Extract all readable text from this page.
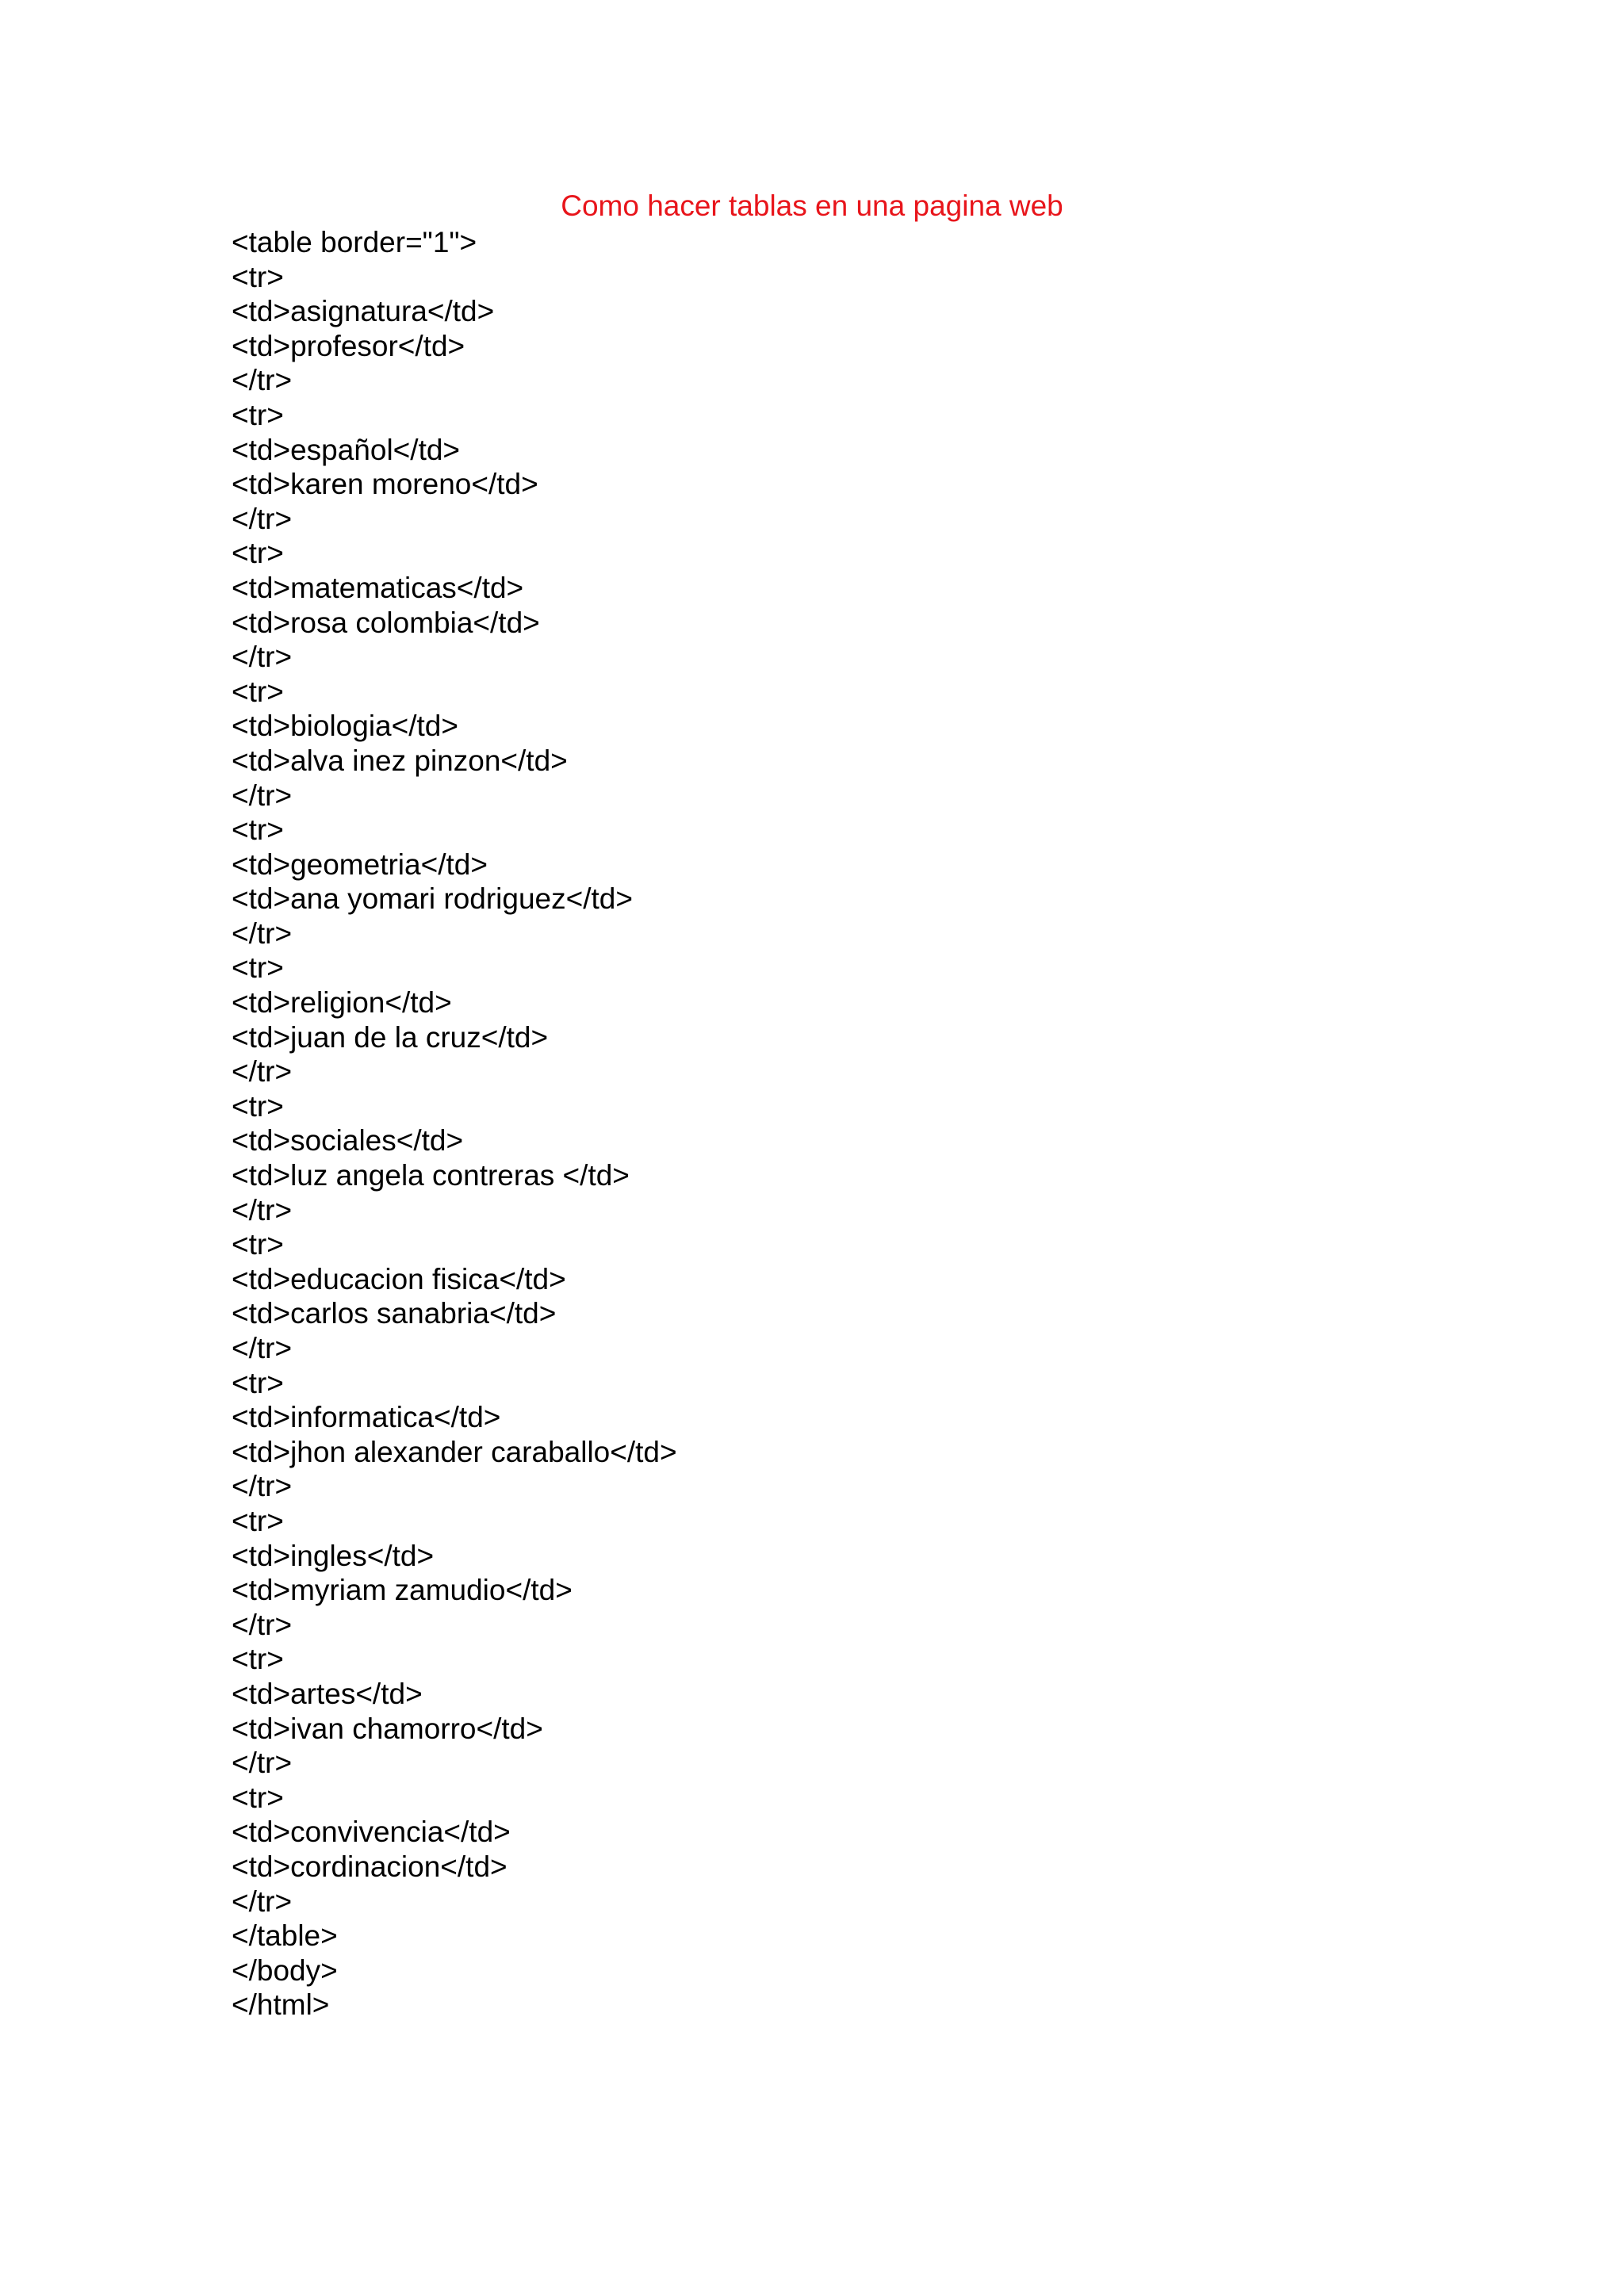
Como hacer tablas en una pagina web
<table border="1">
<tr>
<td>asignatura</td>
<td>profesor</td>
</tr>
<tr>
<td>español</td>
<td>karen moreno</td>
</tr>
<tr>
<td>matematicas</td>
<td>rosa colombia</td>
</tr>
<tr>
<td>biologia</td>
<td>alva inez pinzon</td>
</tr>
<tr>
<td>geometria</td>
<td>ana yomari rodriguez</td>
</tr>
<tr>
<td>religion</td>
<td>juan de la cruz</td>
</tr>
<tr>
<td>sociales</td>
<td>luz angela contreras </td>
</tr>
<tr>
<td>educacion fisica</td>
<td>carlos sanabria</td>
</tr>
<tr>
<td>informatica</td>
<td>jhon alexander caraballo</td>
</tr>
<tr>
<td>ingles</td>
<td>myriam zamudio</td>
</tr>
<tr>
<td>artes</td>
<td>ivan chamorro</td>
</tr>
<tr>
<td>convivencia</td>
<td>cordinacion</td>
</tr>
</table>
</body>
</html>
